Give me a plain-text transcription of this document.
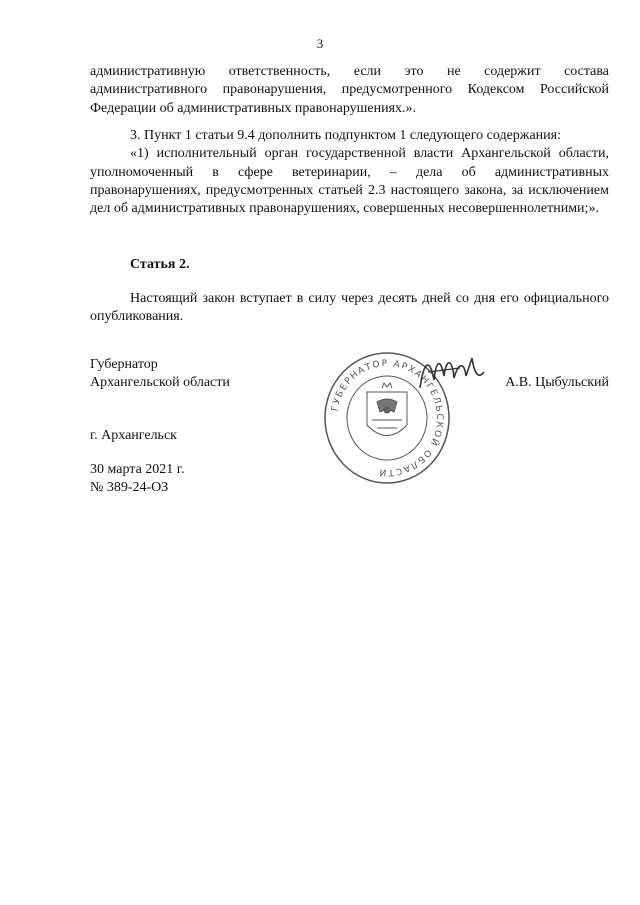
3

административную ответственность, если это не содержит состава административного правонарушения, предусмотренного Кодексом Российской Федерации об административных правонарушениях.».

3. Пункт 1 статьи 9.4 дополнить подпунктом 1 следующего содержания:

«1) исполнительный орган государственной власти Архангельской области, уполномоченный в сфере ветеринарии, – дела об административных правонарушениях, предусмотренных статьей 2.3 настоящего закона, за исключением дел об административных правонарушениях, совершенных несовершеннолетними;».

Статья 2.

Настоящий закон вступает в силу через десять дней со дня его официального опубликования.

Губернатор
Архангельской области	А.В. Цыбульский
ГУБЕРНАТОР АРХАНГЕЛЬСКОЙ ОБЛАСТИ
г. Архангельск
30 марта 2021 г.
№ 389-24-ОЗ
